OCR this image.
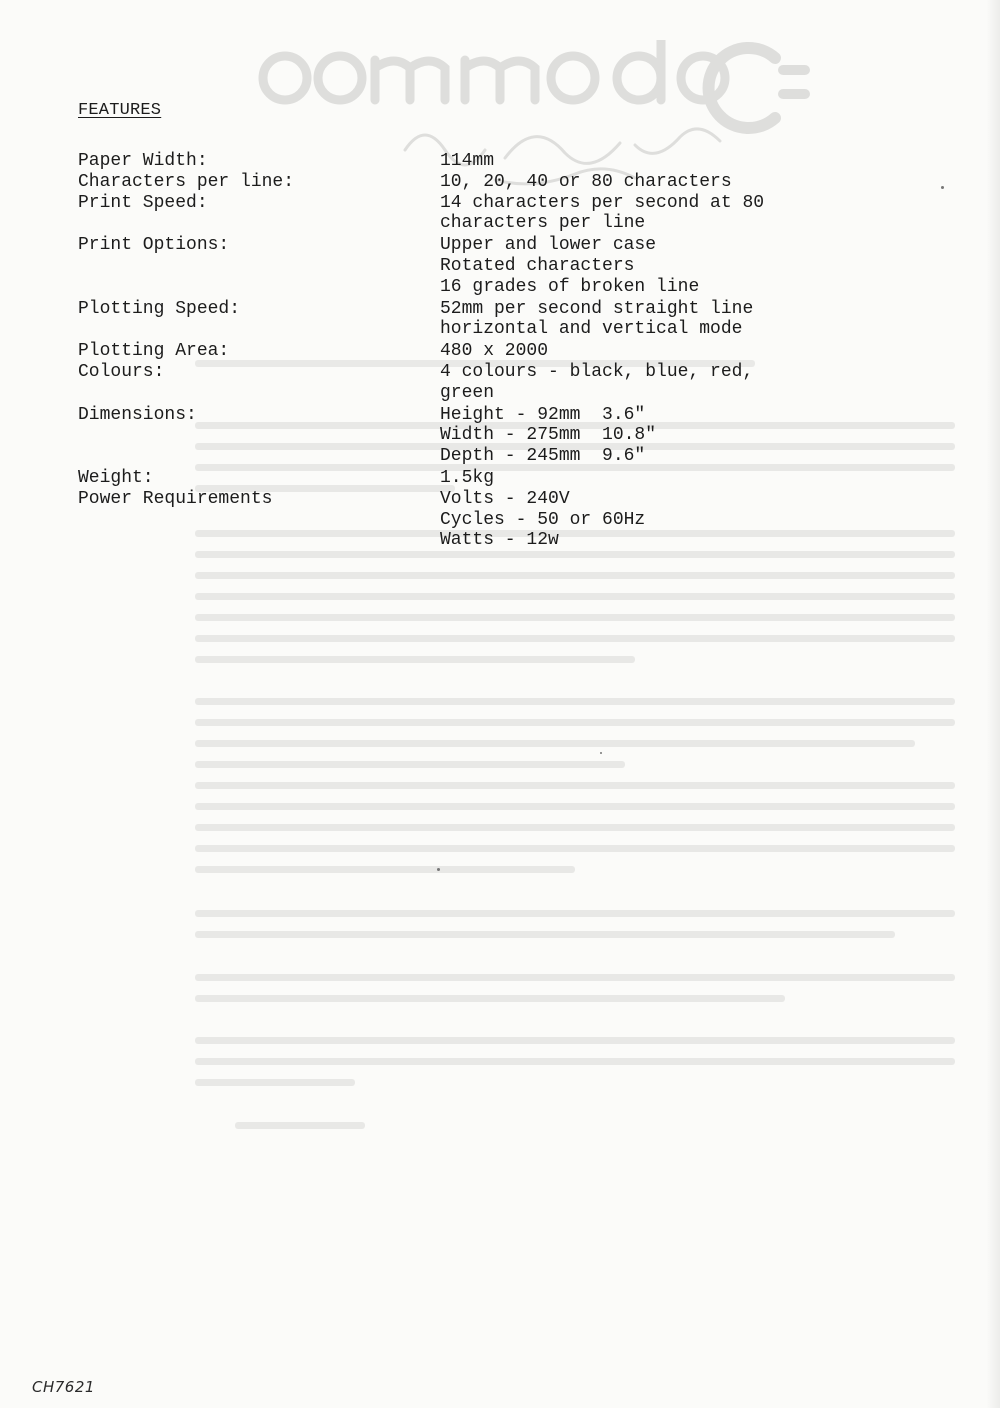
FEATURES
Paper Width:	114mm
Characters per line:	10, 20, 40 or 80 characters
Print Speed:	14 characters per second at 80
characters per line
Print Options:	Upper and lower case
Rotated characters
16 grades of broken line
Plotting Speed:	52mm per second straight line
horizontal and vertical mode
Plotting Area:	480 x 2000
Colours:	4 colours - black, blue, red,
green
Dimensions:	Height - 92mm  3.6"
Width - 275mm  10.8"
Depth - 245mm  9.6"
Weight:	1.5kg
Power Requirements	Volts - 240V
Cycles - 50 or 60Hz
Watts - 12w
CH7621
